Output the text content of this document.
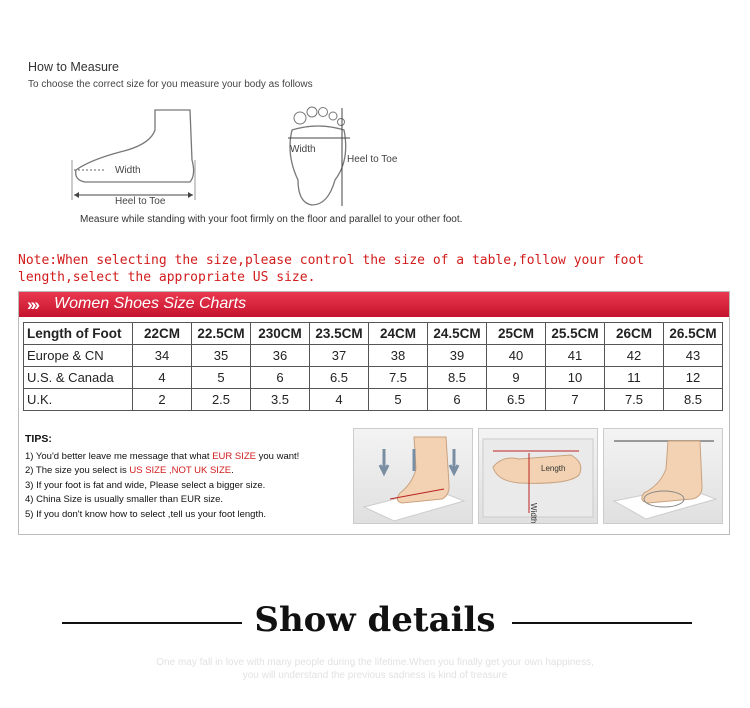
How to Measure
To choose the correct size for you measure your body as follows
Width
Heel to Toe
Width
Heel to Toe
Measure while standing with your foot firmly on the floor and parallel to your other foot.
Note:When selecting the size,please control the size of a table,follow your foot length,select the appropriate US size.
»» Women Shoes Size Charts
Length of Foot	22CM	22.5CM	230CM	23.5CM	24CM	24.5CM	25CM	25.5CM	26CM	26.5CM
Europe & CN	34	35	36	37	38	39	40	41	42	43
U.S. & Canada	4	5	6	6.5	7.5	8.5	9	10	11	12
U.K.	2	2.5	3.5	4	5	6	6.5	7	7.5	8.5
TIPS:
1) You'd better leave me message that what EUR SIZE you want!
2) The size you select is US SIZE ,NOT UK SIZE.
3) If your foot is fat and wide, Please select a bigger size.
4) China Size is usually smaller than EUR size.
5) If you don't know how to select ,tell us your foot length.
Length
Width
Show details
One may fall in love with many people during the lifetime.When you finally get your own happiness, you will understand the previous sadness is kind of treasure
